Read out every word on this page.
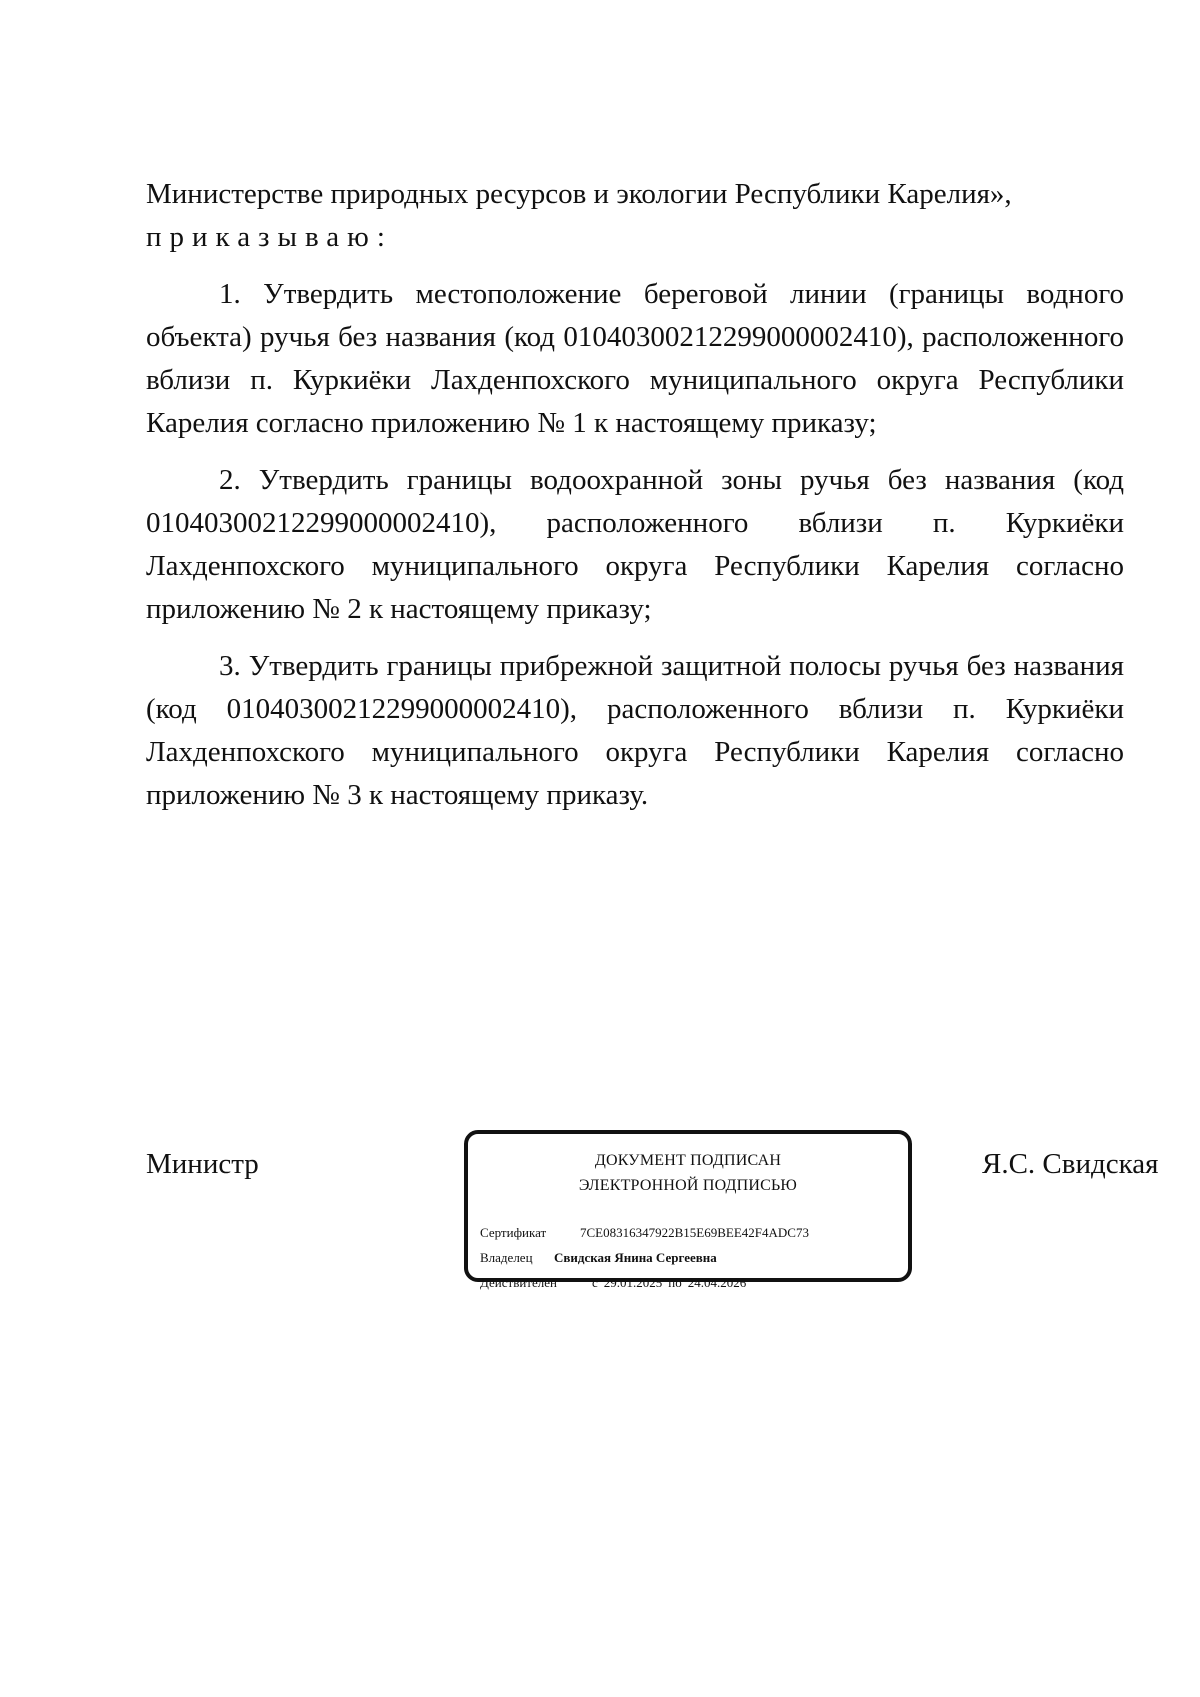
Министерстве природных ресурсов и экологии Республики Карелия»,
приказываю:
1. Утвердить местоположение береговой линии (границы водного объекта) ручья без названия (код 01040300212299000002410), расположенного вблизи п. Куркиёки Лахденпохского муниципального округа Республики Карелия согласно приложению № 1 к настоящему приказу;
2. Утвердить границы водоохранной зоны ручья без названия (код 01040300212299000002410), расположенного вблизи п. Куркиёки Лахденпохского муниципального округа Республики Карелия согласно приложению № 2 к настоящему приказу;
3. Утвердить границы прибрежной защитной полосы ручья без названия (код 01040300212299000002410), расположенного вблизи п. Куркиёки Лахденпохского муниципального округа Республики Карелия согласно приложению № 3 к настоящему приказу.
Министр	ДОКУМЕНТ ПОДПИСАН
ЭЛЕКТРОННОЙ ПОДПИСЬЮ
Сертификат	7CE08316347922B15E69BEE42F4ADC73
Владелец	Свидская Янина Сергеевна
Действителен	с 29.01.2025 по 24.04.2026
Я.С. Свидская
